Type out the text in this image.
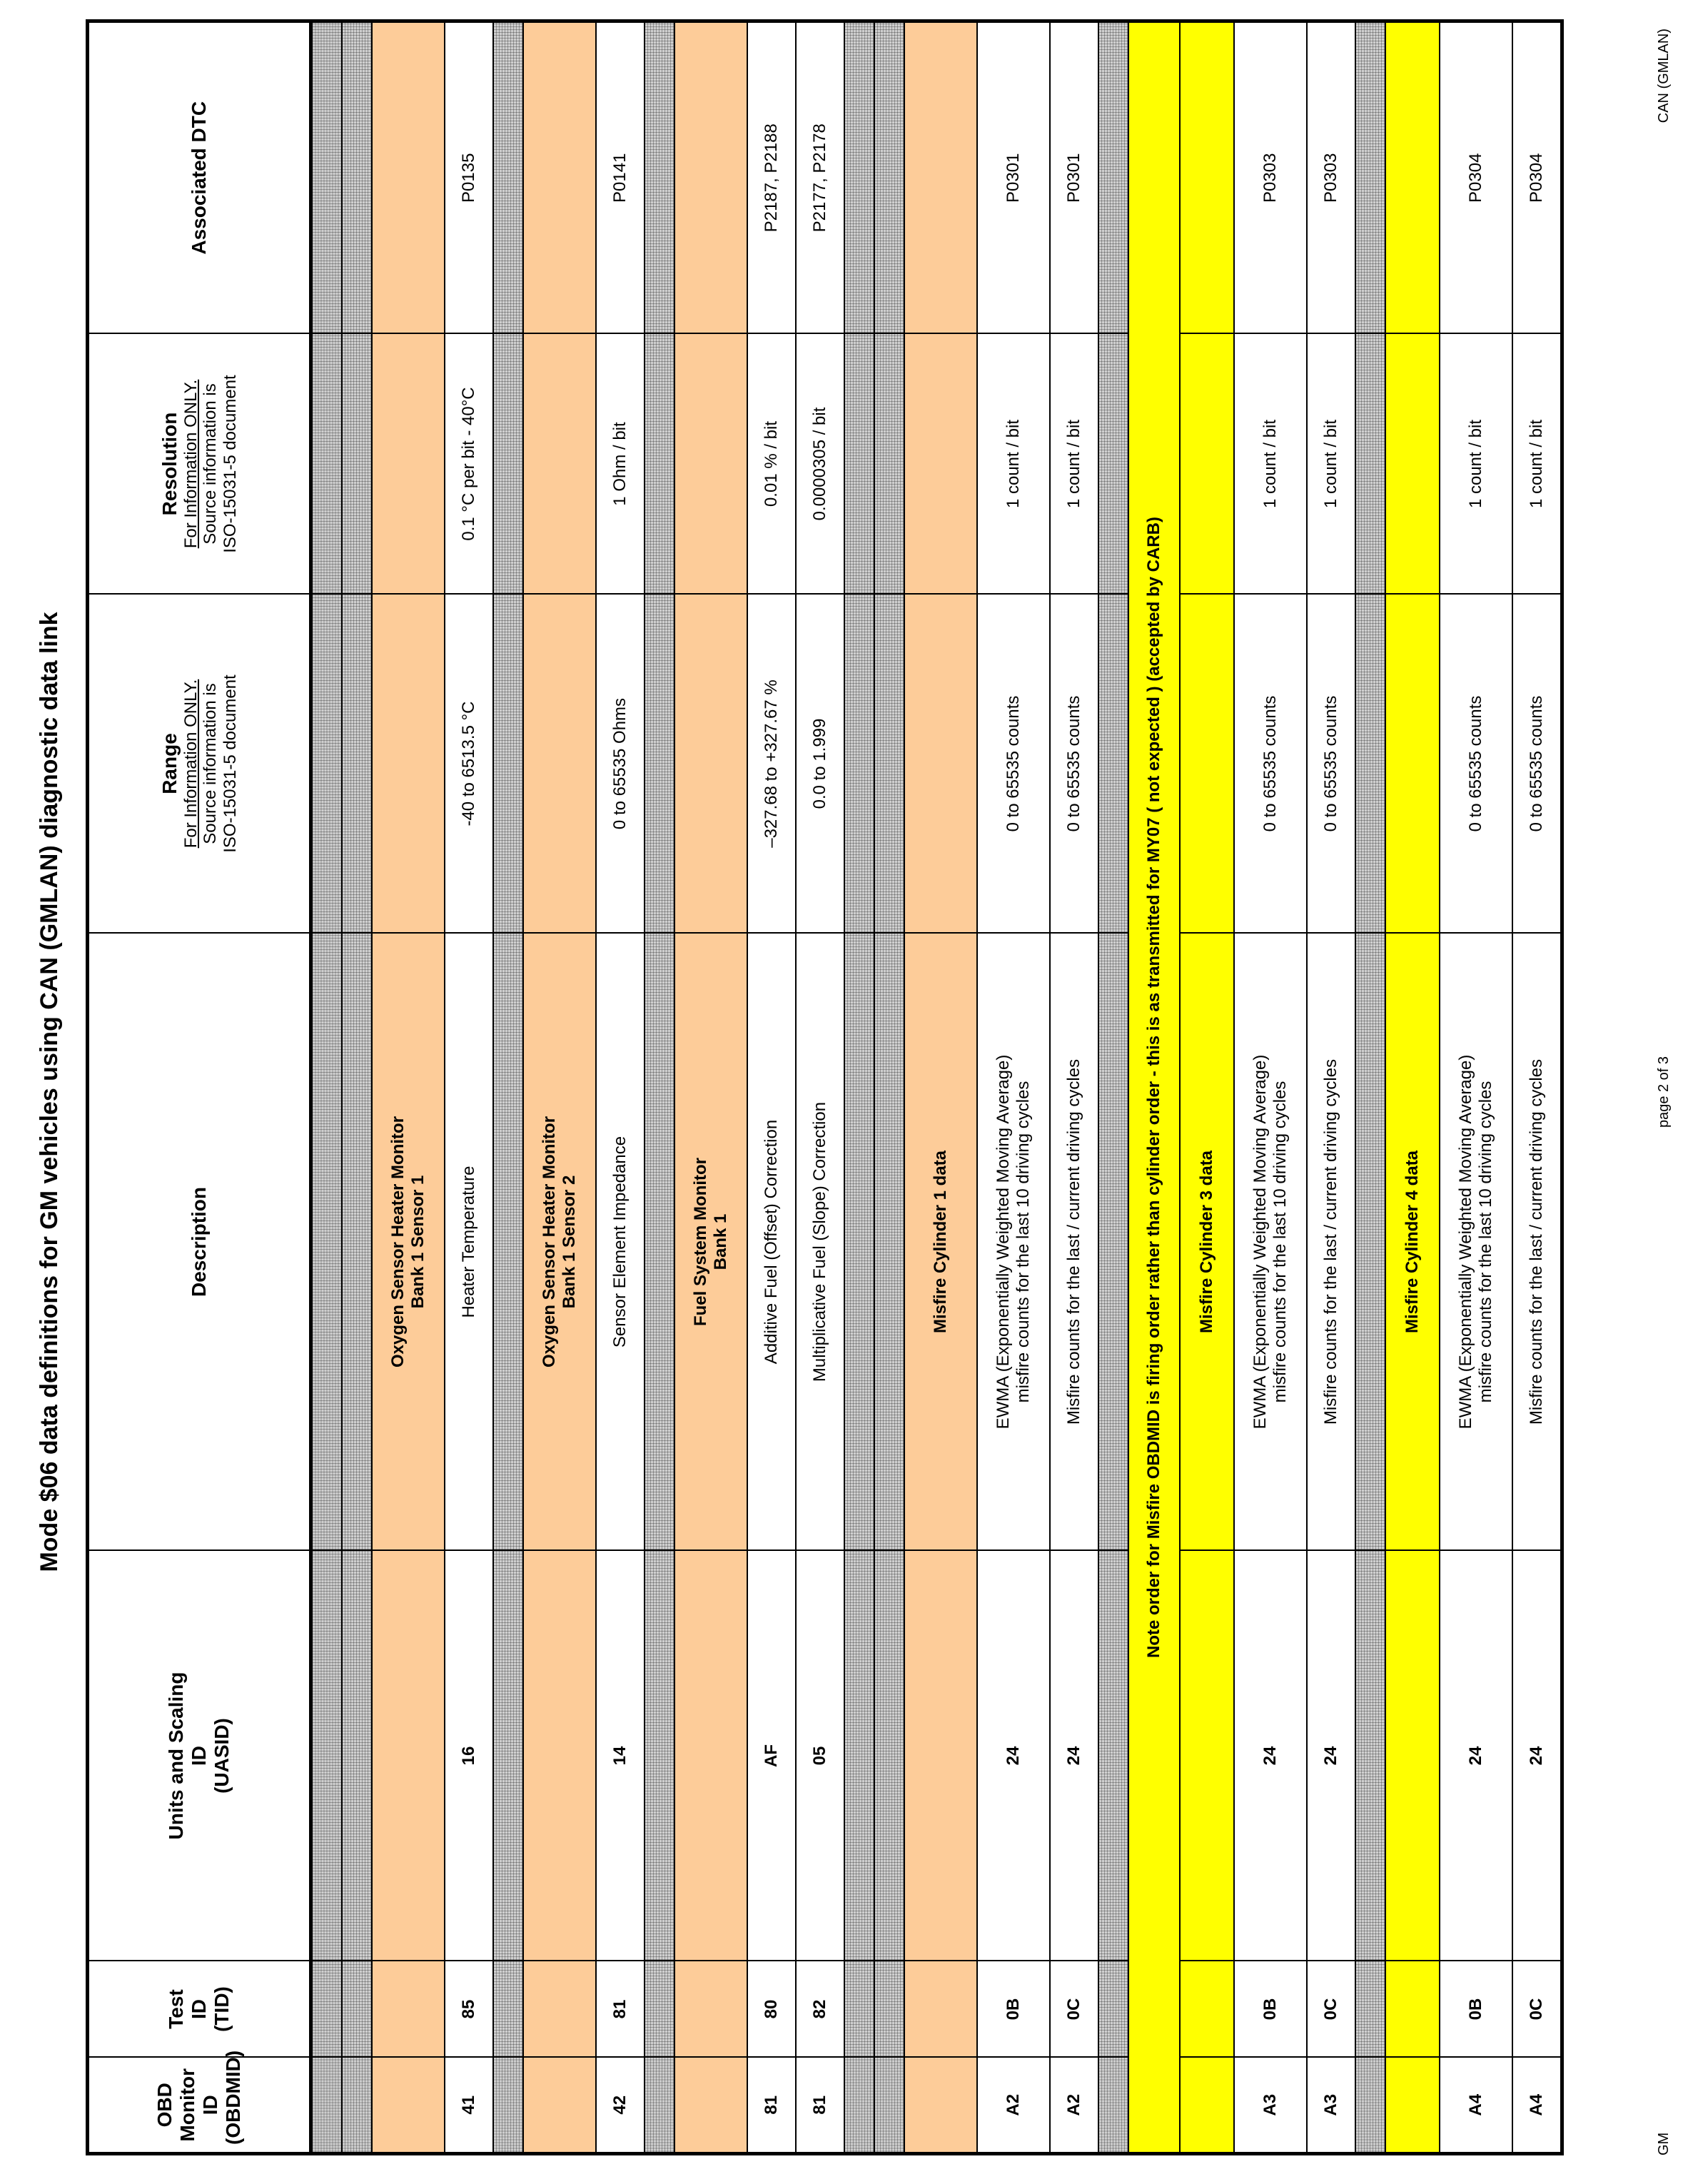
Mode $06 data definitions for GM vehicles using CAN (GMLAN) diagnostic data link
OBD Monitor ID (OBDMID)	Test ID (TID)	Units and Scaling ID (UASID)	Description	Range For Information ONLY. Source information is ISO-15031-5 document	Resolution For Information ONLY. Source information is ISO-15031-5 document	Associated DTC

			Oxygen Sensor Heater Monitor Bank 1 Sensor 1			

41	85	16	Heater Temperature	-40 to 6513.5 °C	0.1 °C per bit - 40°C	P0135

			Oxygen Sensor Heater Monitor Bank 1 Sensor 2			

42	81	14	Sensor Element Impedance	0 to 65535 Ohms	1 Ohm / bit	P0141

			Fuel System Monitor Bank 1			

81	80	AF	Additive Fuel (Offset) Correction	–327.68 to +327.67 %	0.01 % / bit	P2187, P2188
81	82	05	Multiplicative Fuel (Slope) Correction	0.0 to 1.999	0.0000305 / bit	P2177, P2178

			Misfire Cylinder 1 data			
A2	0B	24	EWMA (Exponentially Weighted Moving Average) misfire counts for the last 10 driving cycles	0 to 65535 counts	1 count / bit	P0301
A2	0C	24	Misfire counts for the last / current driving cycles	0 to 65535 counts	1 count / bit	P0301

Note order for Misfire OBDMID is firing order rather than cylinder order - this is as transmitted for MY07 ( not expected ) (accepted by CARB)						
			Misfire Cylinder 3 data			
A3	0B	24	EWMA (Exponentially Weighted Moving Average) misfire counts for the last 10 driving cycles	0 to 65535 counts	1 count / bit	P0303
A3	0C	24	Misfire counts for the last / current driving cycles	0 to 65535 counts	1 count / bit	P0303

			Misfire Cylinder 4 data			
A4	0B	24	EWMA (Exponentially Weighted Moving Average) misfire counts for the last 10 driving cycles	0 to 65535 counts	1 count / bit	P0304
A4	0C	24	Misfire counts for the last / current driving cycles	0 to 65535 counts	1 count / bit	P0304
GM
page 2 of 3
CAN (GMLAN)
